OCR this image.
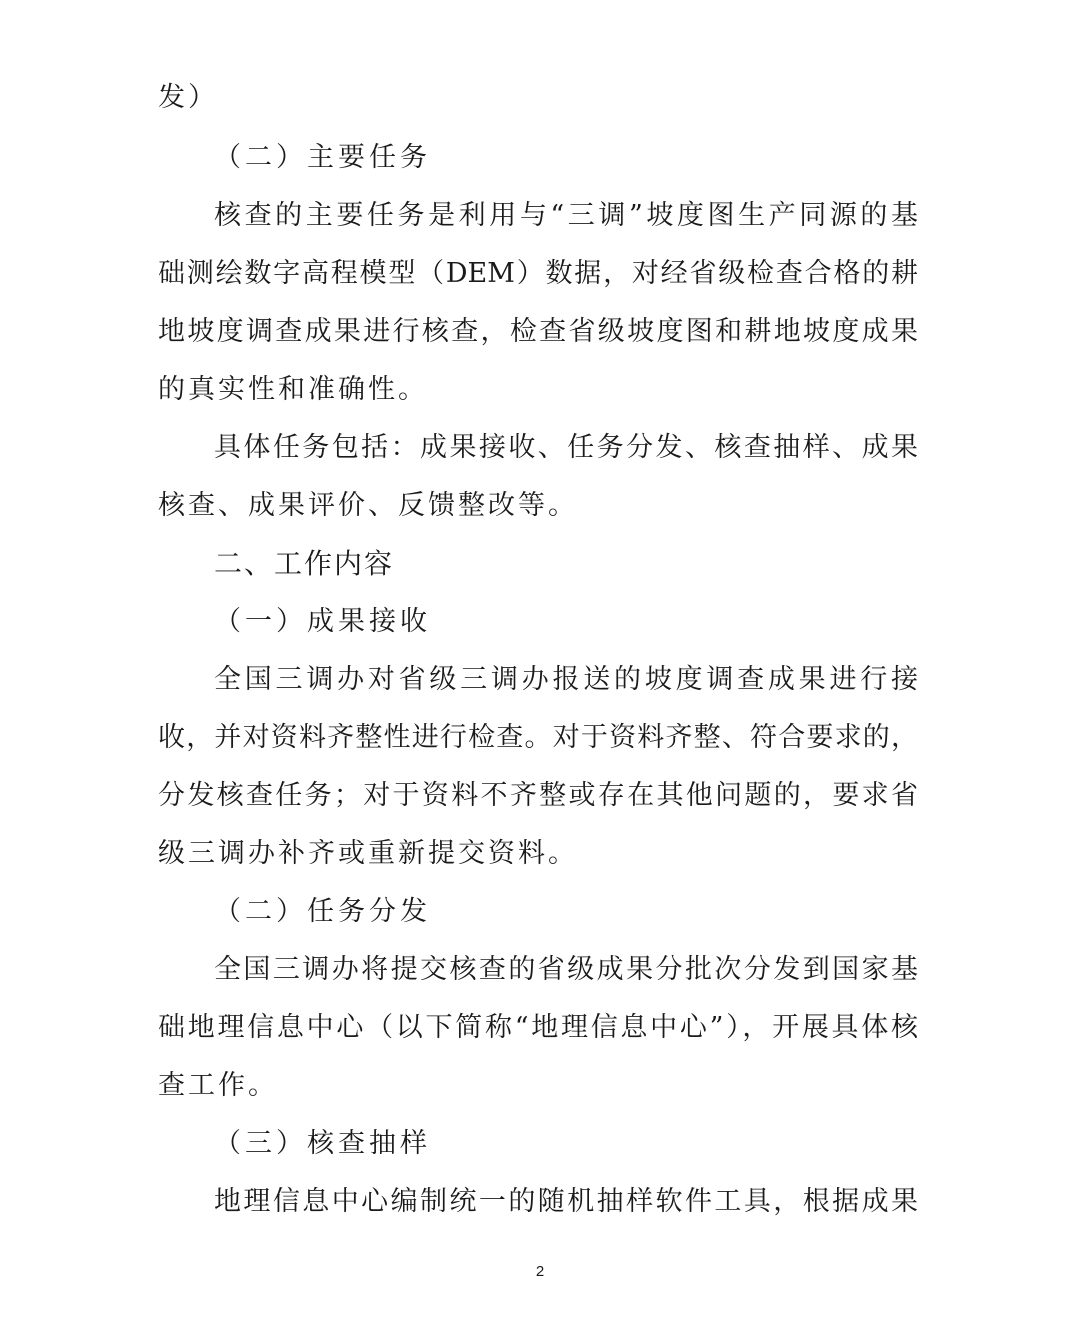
发）
（二）主要任务
核查的主要任务是利用与“三调”坡度图生产同源的基
础测绘数字高程模型（DEM）数据，对经省级检查合格的耕
地坡度调查成果进行核查，检查省级坡度图和耕地坡度成果
的真实性和准确性。
具体任务包括：成果接收、任务分发、核查抽样、成果
核查、成果评价、反馈整改等。
二、工作内容
（一）成果接收
全国三调办对省级三调办报送的坡度调查成果进行接
收，并对资料齐整性进行检查。对于资料齐整、符合要求的，
分发核查任务；对于资料不齐整或存在其他问题的，要求省
级三调办补齐或重新提交资料。
（二）任务分发
全国三调办将提交核查的省级成果分批次分发到国家基
础地理信息中心（以下简称“地理信息中心”），开展具体核
查工作。
（三）核查抽样
地理信息中心编制统一的随机抽样软件工具，根据成果
2
